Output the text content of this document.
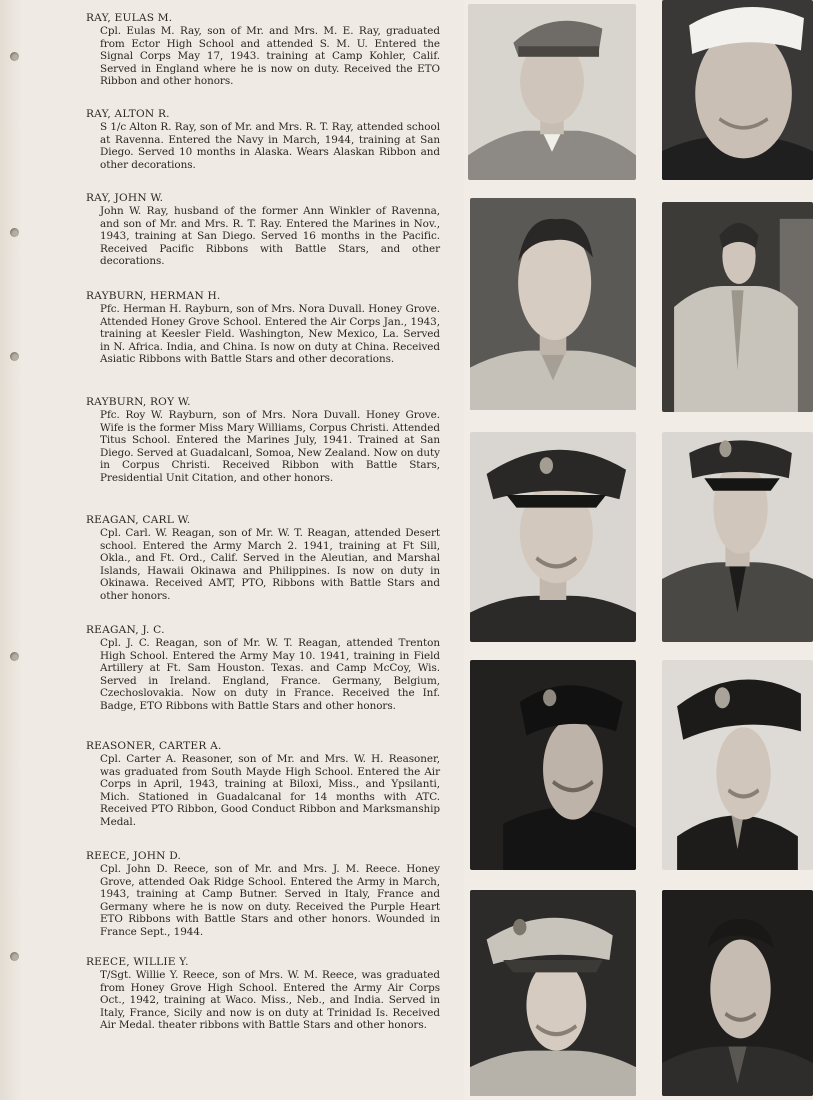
RAY, EULAS M.

Cpl. Eulas M. Ray, son of Mr. and Mrs. M. E. Ray, graduated from Ector High School and attended S. M. U. Entered the Signal Corps May 17, 1943. training at Camp Kohler, Calif. Served in England where he is now on duty. Received the ETO Ribbon and other honors.

RAY, ALTON R.

S 1/c Alton R. Ray, son of Mr. and Mrs. R. T. Ray, attended school at Ravenna. Entered the Navy in March, 1944, training at San Diego. Served 10 months in Alaska. Wears Alaskan Ribbon and other decorations.

RAY, JOHN W.

John W. Ray, husband of the former Ann Winkler of Ravenna, and son of Mr. and Mrs. R. T. Ray. Entered the Marines in Nov., 1943, training at San Diego. Served 16 months in the Pacific. Received Pacific Ribbons with Battle Stars, and other decorations.

RAYBURN, HERMAN H.

Pfc. Herman H. Rayburn, son of Mrs. Nora Duvall. Honey Grove. Attended Honey Grove School. Entered the Air Corps Jan., 1943, training at Keesler Field. Washington, New Mexico, La. Served in N. Africa. India, and China. Is now on duty at China. Received Asiatic Ribbons with Battle Stars and other decorations.

RAYBURN, ROY W.

Pfc. Roy W. Rayburn, son of Mrs. Nora Duvall. Honey Grove. Wife is the former Miss Mary Williams, Corpus Christi. Attended Titus School. Entered the Marines July, 1941. Trained at San Diego. Served at Guadalcanl, Somoa, New Zealand. Now on duty in Corpus Christi. Received Ribbon with Battle Stars, Presidential Unit Citation, and other honors.

REAGAN, CARL W.

Cpl. Carl. W. Reagan, son of Mr. W. T. Reagan, attended Desert school. Entered the Army March 2. 1941, training at Ft Sill, Okla., and Ft. Ord., Calif. Served in the Aleutian, and Marshal Islands, Hawaii Okinawa and Philippines. Is now on duty in Okinawa. Received AMT, PTO, Ribbons with Battle Stars and other honors.

REAGAN, J. C.

Cpl. J. C. Reagan, son of Mr. W. T. Reagan, attended Trenton High School. Entered the Army May 10. 1941, training in Field Artillery at Ft. Sam Houston. Texas. and Camp McCoy, Wis. Served in Ireland. England, France. Germany, Belgium, Czechoslovakia. Now on duty in France. Received the Inf. Badge, ETO Ribbons with Battle Stars and other honors.

REASONER, CARTER A.

Cpl. Carter A. Reasoner, son of Mr. and Mrs. W. H. Reasoner, was graduated from South Mayde High School. Entered the Air Corps in April, 1943, training at Biloxi, Miss., and Ypsilanti, Mich. Stationed in Guadalcanal for 14 months with ATC. Received PTO Ribbon, Good Conduct Ribbon and Marksmanship Medal.

REECE, JOHN D.

Cpl. John D. Reece, son of Mr. and Mrs. J. M. Reece. Honey Grove, attended Oak Ridge School. Entered the Army in March, 1943, training at Camp Butner. Served in Italy, France and Germany where he is now on duty. Received the Purple Heart ETO Ribbons with Battle Stars and other honors. Wounded in France Sept., 1944.

REECE, WILLIE Y.

T/Sgt. Willie Y. Reece, son of Mrs. W. M. Reece, was graduated from Honey Grove High School. Entered the Army Air Corps Oct., 1942, training at Waco. Miss., Neb., and India. Served in Italy, France, Sicily and now is on duty at Trinidad Is. Received Air Medal. theater ribbons with Battle Stars and other honors.
